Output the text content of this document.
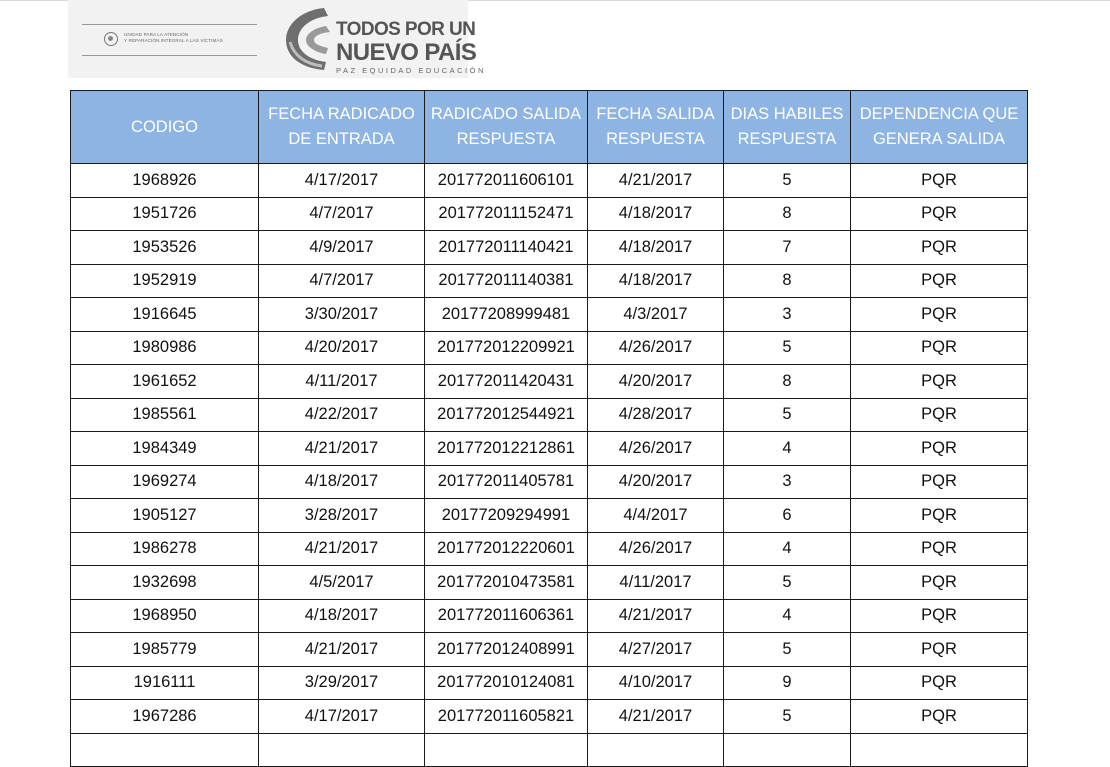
UNIDAD PARA LA ATENCIÓN
Y REPARACIÓN INTEGRAL A LAS VÍCTIMAS
TODOS POR UN
NUEVO PAÍS
PAZ EQUIDAD EDUCACIÓN
CODIGO	FECHA RADICADO DE ENTRADA	RADICADO SALIDA RESPUESTA	FECHA SALIDA RESPUESTA	DIAS HABILES RESPUESTA	DEPENDENCIA QUE GENERA SALIDA
1968926	4/17/2017	201772011606101	4/21/2017	5	PQR
1951726	4/7/2017	201772011152471	4/18/2017	8	PQR
1953526	4/9/2017	201772011140421	4/18/2017	7	PQR
1952919	4/7/2017	201772011140381	4/18/2017	8	PQR
1916645	3/30/2017	20177208999481	4/3/2017	3	PQR
1980986	4/20/2017	201772012209921	4/26/2017	5	PQR
1961652	4/11/2017	201772011420431	4/20/2017	8	PQR
1985561	4/22/2017	201772012544921	4/28/2017	5	PQR
1984349	4/21/2017	201772012212861	4/26/2017	4	PQR
1969274	4/18/2017	201772011405781	4/20/2017	3	PQR
1905127	3/28/2017	20177209294991	4/4/2017	6	PQR
1986278	4/21/2017	201772012220601	4/26/2017	4	PQR
1932698	4/5/2017	201772010473581	4/11/2017	5	PQR
1968950	4/18/2017	201772011606361	4/21/2017	4	PQR
1985779	4/21/2017	201772012408991	4/27/2017	5	PQR
1916111	3/29/2017	201772010124081	4/10/2017	9	PQR
1967286	4/17/2017	201772011605821	4/21/2017	5	PQR
